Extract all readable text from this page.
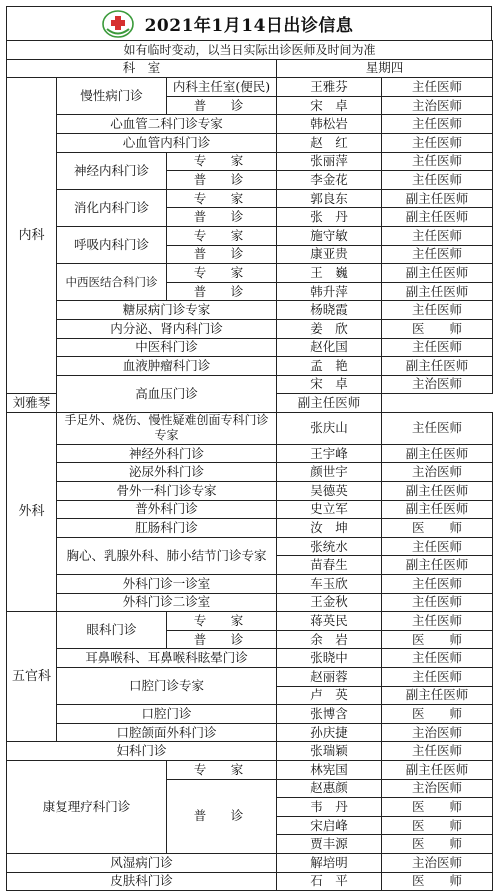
2021年1月14日出诊信息
如有临时变动，以当日实际出诊医师及时间为准				
科　室			星期四	
内科	慢性病门诊	内科主任室(便民)	王雅芬	主任医师
		普　诊	宋　卓	主治医师
	心血管二科门诊专家		韩松岩	主任医师
	心血管内科门诊		赵　红	主任医师
	神经内科门诊	专　家	张丽萍	主任医师
		普　诊	李金花	主任医师
	消化内科门诊	专　家	郭良东	副主任医师
		普　诊	张　丹	副主任医师
	呼吸内科门诊	专　家	施守敏	主任医师
		普　诊	康亚贵	主任医师
	中西医结合科门诊	专　家	王　巍	副主任医师
		普　诊	韩升萍	副主任医师
	糖尿病门诊专家		杨晓霞	主任医师
	内分泌、肾内科门诊		姜　欣	医　　师
	中医科门诊		赵化国	主任医师
	血液肿瘤科门诊		孟　艳	副主任医师
	高血压门诊		宋　卓	主治医师
刘雅琴			副主任医师	
外科	手足外、烧伤、慢性疑难创面专科门诊专家		张庆山	主任医师
	神经外科门诊		王宇峰	副主任医师
	泌尿外科门诊		颜世宇	主治医师
	骨外一科门诊专家		吴德英	副主任医师
	普外科门诊		史立军	副主任医师
	肛肠科门诊		汝　坤	医　　师
	胸心、乳腺外科、肺小结节门诊专家		张统水	主任医师
			苗春生	副主任医师
	外科门诊一诊室		车玉欣	主任医师
	外科门诊二诊室		王金秋	主任医师
五官科	眼科门诊	专　家	蒋英民	主任医师
		普　诊	余　岩	医　　师
	耳鼻喉科、耳鼻喉科眩晕门诊		张晓中	主任医师
	口腔门诊专家		赵丽蓉	主任医师
			卢　英	副主任医师
	口腔门诊		张博含	医　　师
	口腔颌面外科门诊		孙庆捷	主治医师
妇科门诊			张瑞颖	主任医师
康复理疗科门诊		专　家	林宪国	副主任医师
		普　诊	赵惠颜	主治医师
			韦　丹	医　　师
			宋启峰	医　　师
			贾丰源	医　　师
风湿病门诊			解培明	主治医师
皮肤科门诊			石　平	医　　师
